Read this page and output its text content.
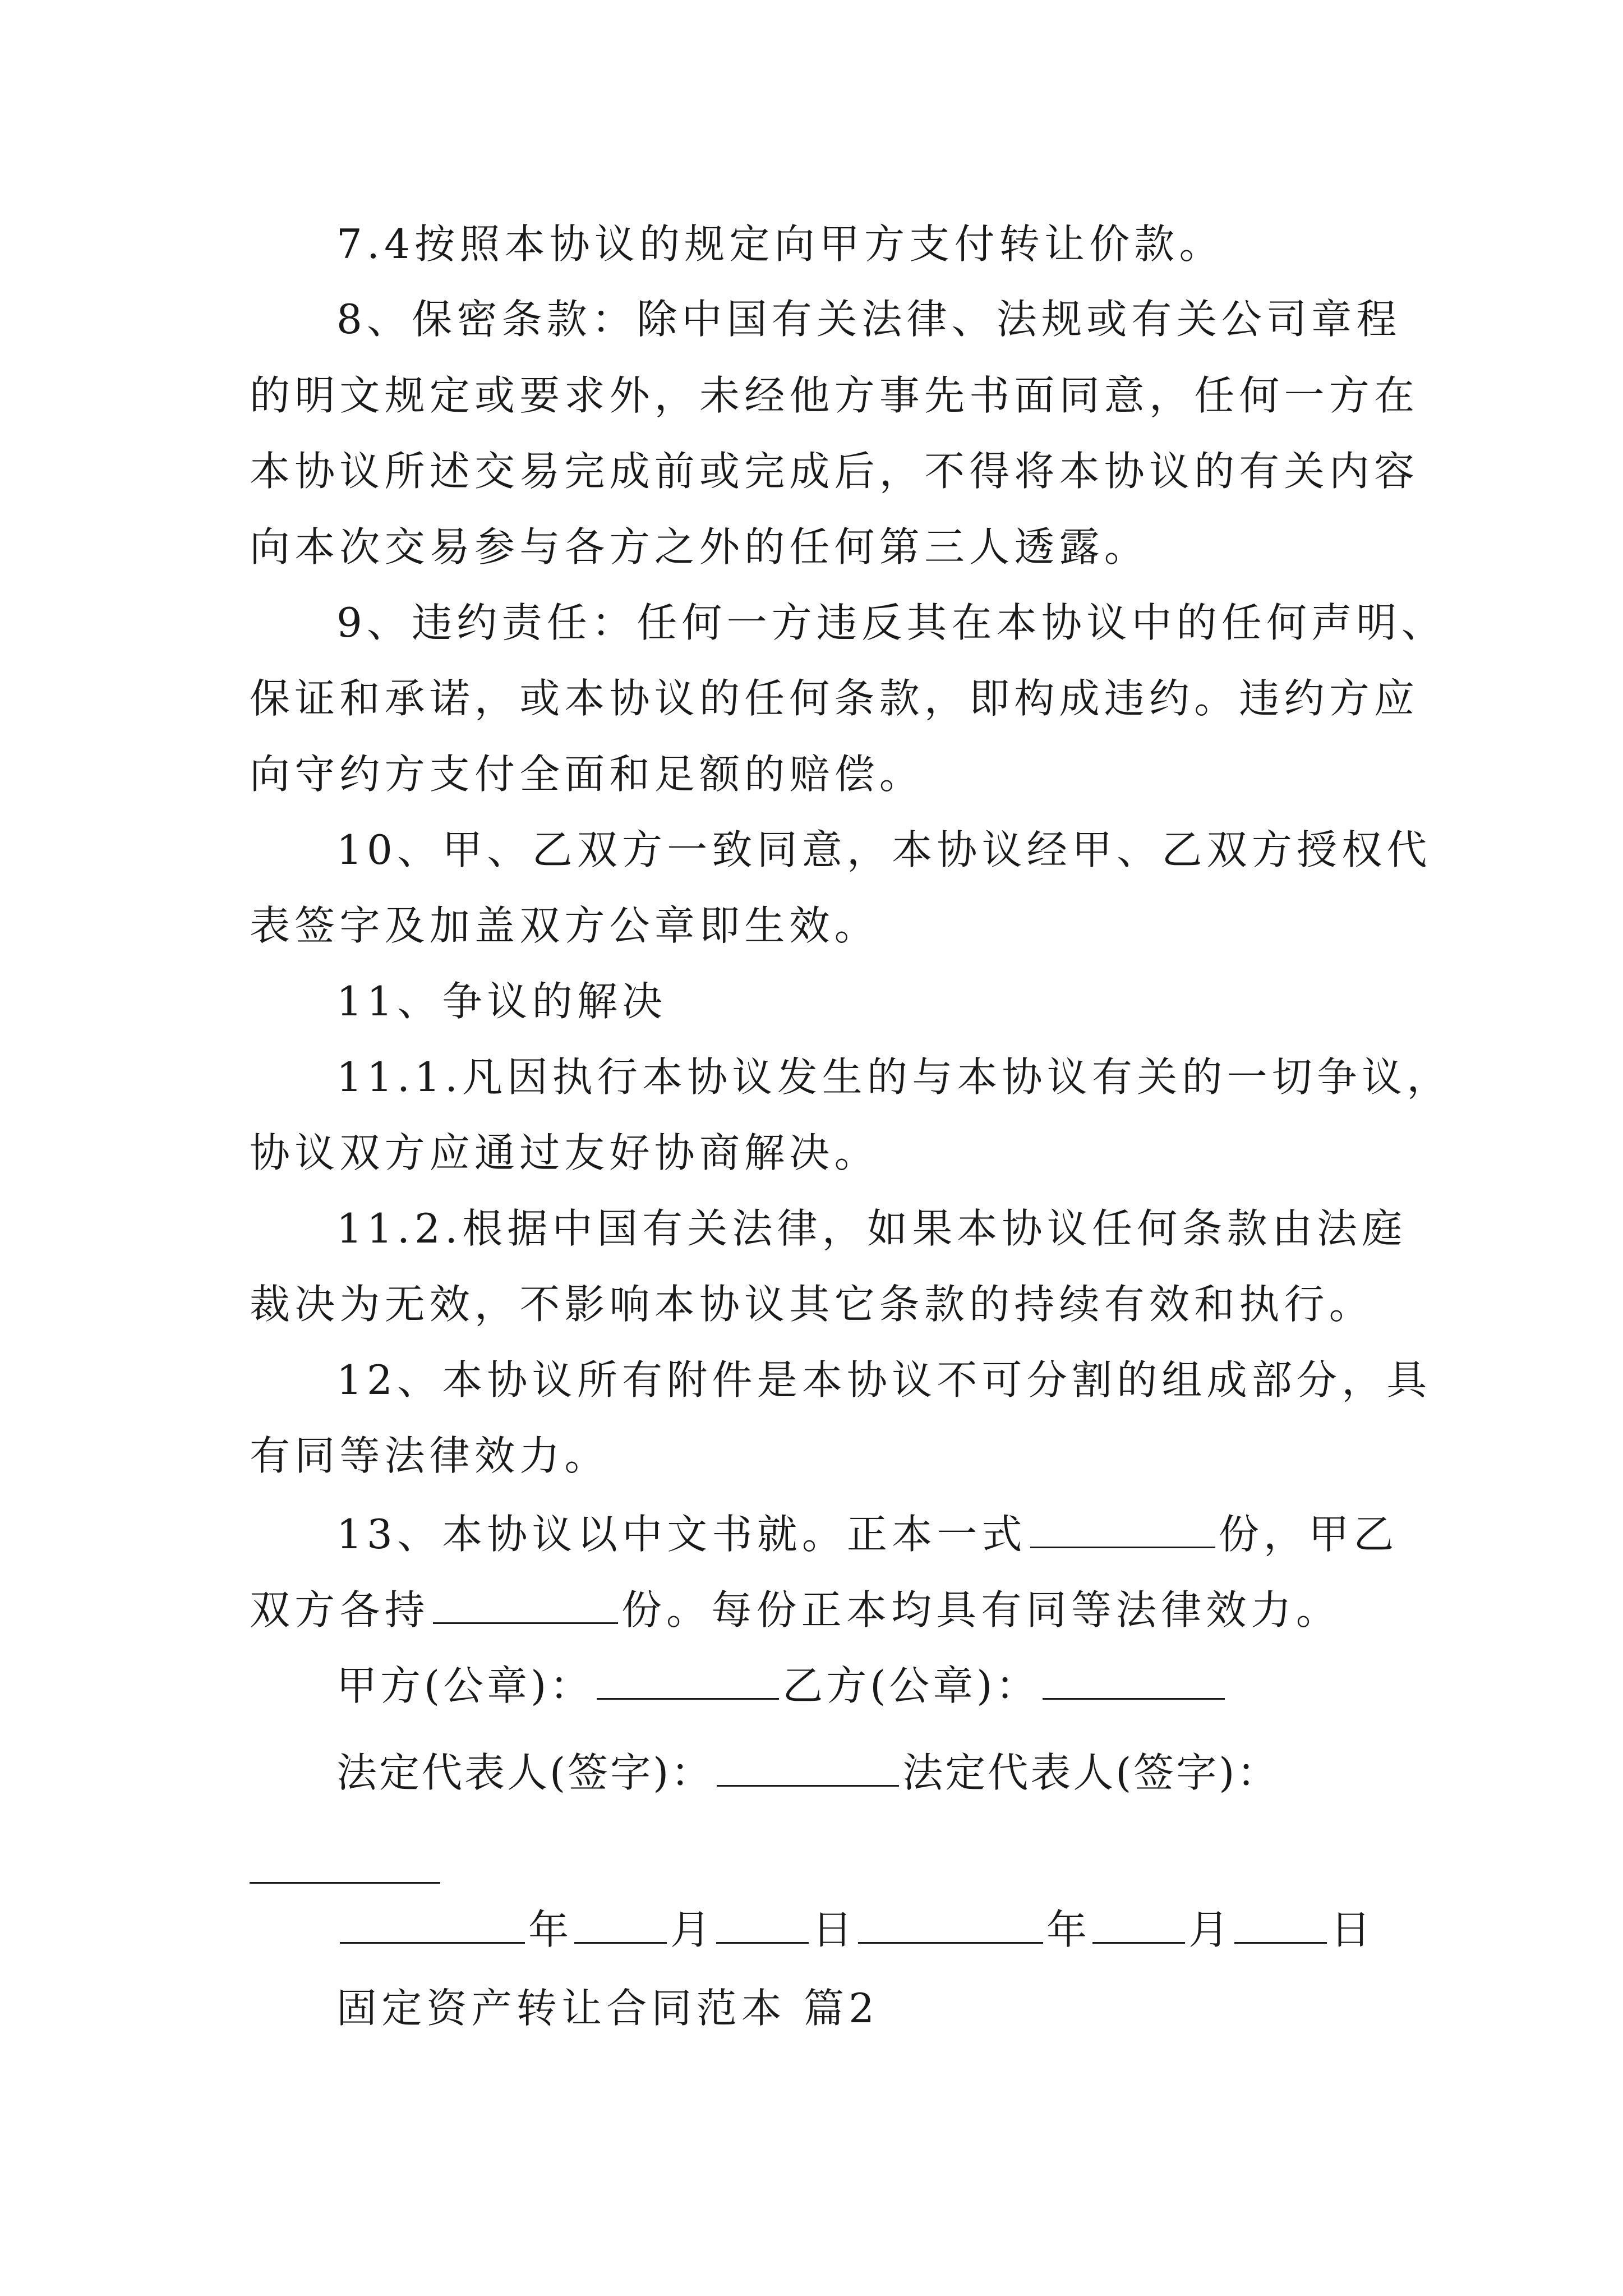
7.4按照本协议的规定向甲方支付转让价款。
8、保密条款：除中国有关法律、法规或有关公司章程
的明文规定或要求外，未经他方事先书面同意，任何一方在
本协议所述交易完成前或完成后，不得将本协议的有关内容
向本次交易参与各方之外的任何第三人透露。
9、违约责任：任何一方违反其在本协议中的任何声明、
保证和承诺，或本协议的任何条款，即构成违约。违约方应
向守约方支付全面和足额的赔偿。
10、甲、乙双方一致同意，本协议经甲、乙双方授权代
表签字及加盖双方公章即生效。
11、争议的解决
11.1.凡因执行本协议发生的与本协议有关的一切争议，
协议双方应通过友好协商解决。
11.2.根据中国有关法律，如果本协议任何条款由法庭
裁决为无效，不影响本协议其它条款的持续有效和执行。
12、本协议所有附件是本协议不可分割的组成部分，具
有同等法律效力。
13、本协议以中文书就。正本一式	份，甲乙
双方各持	份。每份正本均具有同等法律效力。
甲方(公章)：	乙方(公章)：
法定代表人(签字)：	法定代表人(签字)：
年 月 日	年 月 日
固定资产转让合同范本 篇2
